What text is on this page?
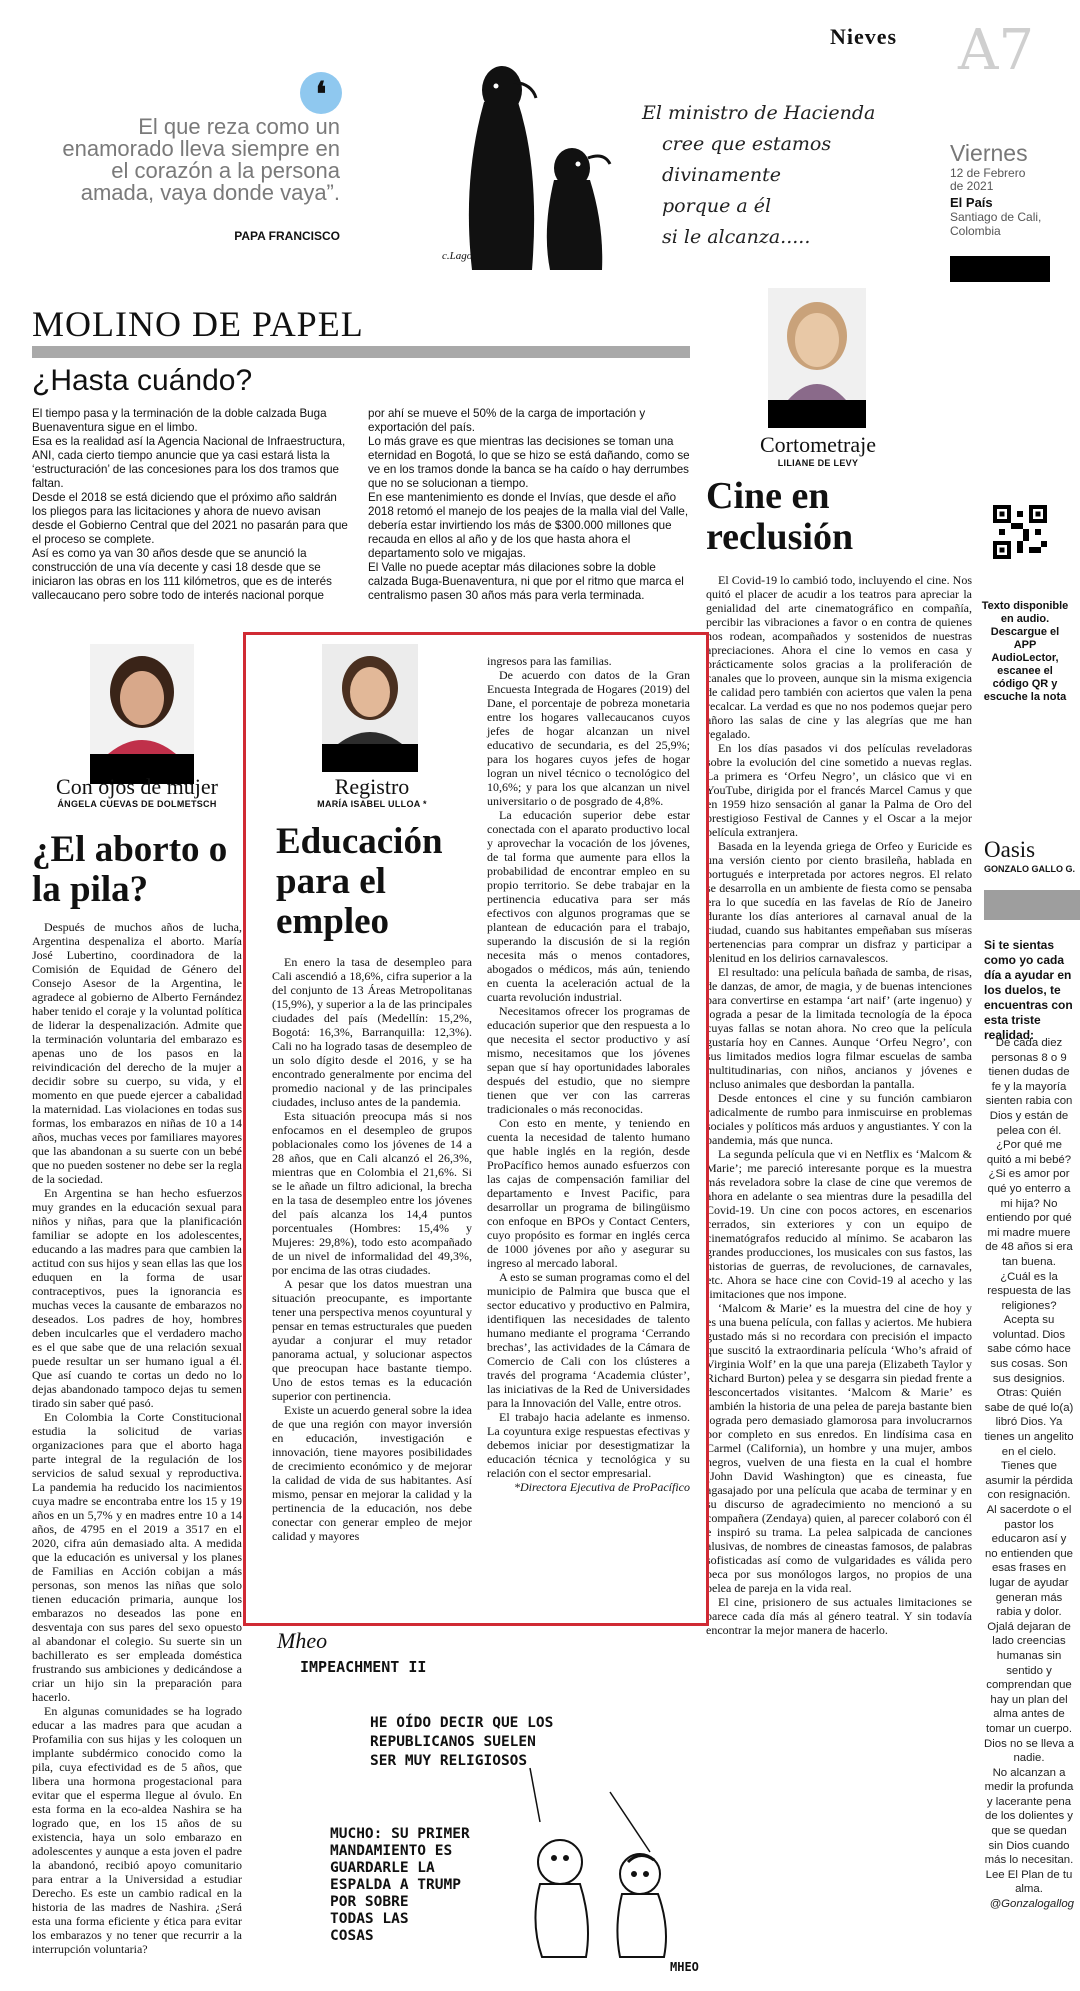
Nieves A7
❛
El que reza como un enamorado lleva siempre en el corazón a la persona amada, vaya donde vaya”.
PAPA FRANCISCO
El ministro de Hacienda
cree que estamos
divinamente
porque a él
si le alcanza.....
c.Lago
Viernes
12 de Febrero
de 2021
El País
Santiago de Cali, Colombia
MOLINO DE PAPEL
¿Hasta cuándo?

El tiempo pasa y la terminación de la doble calzada Buga Buenaventura sigue en el limbo.

Esa es la realidad así la Agencia Nacional de Infraestructura, ANI, cada cierto tiempo anuncie que ya casi estará lista la ‘estructuración’ de las concesiones para los dos tramos que faltan.

Desde el 2018 se está diciendo que el próximo año saldrán los pliegos para las licitaciones y ahora de nuevo avisan desde el Gobierno Central que del 2021 no pasarán para que el proceso se complete.

Así es como ya van 30 años desde que se anunció la construcción de una vía decente y casi 18 desde que se iniciaron las obras en los 111 kilómetros, que es de interés vallecaucano pero sobre todo de interés nacional porque

por ahí se mueve el 50% de la carga de importación y exportación del país.

Lo más grave es que mientras las decisiones se toman una eternidad en Bogotá, lo que se hizo se está dañando, como se ve en los tramos donde la banca se ha caído o hay derrumbes que no se solucionan a tiempo.

En ese mantenimiento es donde el Invías, que desde el año 2018 retomó el manejo de los peajes de la malla vial del Valle, debería estar invirtiendo los más de $300.000 millones que recauda en ellos al año y de los que hasta ahora el departamento solo ve migajas.

El Valle no puede aceptar más dilaciones sobre la doble calzada Buga-Buenaventura, ni que por el ritmo que marca el centralismo pasen 30 años más para verla terminada.

Cortometraje
LILIANE DE LEVY
Cine en reclusión

El Covid-19 lo cambió todo, incluyendo el cine. Nos quitó el placer de acudir a los teatros para apreciar la genialidad del arte cinematográfico en compañía, percibir las vibraciones a favor o en contra de quienes nos rodean, acompañados y sostenidos de nuestras apreciaciones. Ahora el cine lo vemos en casa y prácticamente solos gracias a la proliferación de canales que lo proveen, aunque sin la misma exigencia de calidad pero también con aciertos que valen la pena recalcar. La verdad es que no nos podemos quejar pero añoro las salas de cine y las alegrías que me han regalado.

En los días pasados vi dos películas reveladoras sobre la evolución del cine sometido a nuevas reglas. La primera es ‘Orfeu Negro’, un clásico que vi en YouTube, dirigida por el francés Marcel Camus y que en 1959 hizo sensación al ganar la Palma de Oro del prestigioso Festival de Cannes y el Oscar a la mejor película extranjera.

Basada en la leyenda griega de Orfeo y Euricide es una versión ciento por ciento brasileña, hablada en portugués e interpretada por actores negros. El relato se desarrolla en un ambiente de fiesta como se pensaba era lo que sucedía en las favelas de Río de Janeiro durante los días anteriores al carnaval anual de la ciudad, cuando sus habitantes empeñaban sus míseras pertenencias para comprar un disfraz y participar a plenitud en los delirios carnavalescos.

El resultado: una película bañada de samba, de risas, de danzas, de amor, de magia, y de buenas intenciones para convertirse en estampa ‘art naif’ (arte ingenuo) y lograda a pesar de la limitada tecnología de la época cuyas fallas se notan ahora. No creo que la película gustaría hoy en Cannes. Aunque ‘Orfeu Negro’, con sus limitados medios logra filmar escuelas de samba multitudinarias, con niños, ancianos y jóvenes e incluso animales que desbordan la pantalla.

Desde entonces el cine y su función cambiaron radicalmente de rumbo para inmiscuirse en problemas sociales y políticos más arduos y angustiantes. Y con la pandemia, más que nunca.

La segunda película que vi en Netflix es ‘Malcom & Marie’; me pareció interesante porque es la muestra más reveladora sobre la clase de cine que veremos de ahora en adelante o sea mientras dure la pesadilla del Covid-19. Un cine con pocos actores, en escenarios cerrados, sin exteriores y con un equipo de cinematógrafos reducido al mínimo. Se acabaron las grandes producciones, los musicales con sus fastos, las historias de guerras, de revoluciones, de carnavales, etc. Ahora se hace cine con Covid-19 al acecho y las limitaciones que nos impone.

‘Malcom & Marie’ es la muestra del cine de hoy y es una buena película, con fallas y aciertos. Me hubiera gustado más si no recordara con precisión el impacto que suscitó la extraordinaria película ‘Who’s afraid of Virginia Wolf’ en la que una pareja (Elizabeth Taylor y Richard Burton) pelea y se desgarra sin piedad frente a desconcertados visitantes. ‘Malcom & Marie’ es también la historia de una pelea de pareja bastante bien lograda pero demasiado glamorosa para involucrarnos por completo en sus enredos. En lindísima casa en Carmel (California), un hombre y una mujer, ambos negros, vuelven de una fiesta en la cual el hombre (John David Washington) que es cineasta, fue agasajado por una película que acaba de terminar y en su discurso de agradecimiento no mencionó a su compañera (Zendaya) quien, al parecer colaboró con él e inspiró su trama. La pelea salpicada de canciones alusivas, de nombres de cineastas famosos, de palabras sofisticadas así como de vulgaridades es válida pero peca por sus monólogos largos, no propios de una pelea de pareja en la vida real.

El cine, prisionero de sus actuales limitaciones se parece cada día más al género teatral. Y sin todavía encontrar la mejor manera de hacerlo.

Texto disponible en audio. Descargue el APP AudioLector, escanee el código QR y escuche la nota
Oasis
GONZALO GALLO G.
Si te sientas como yo cada día a ayudar en los duelos, te encuentras con esta triste realidad:

De cada diez personas 8 o 9 tienen dudas de fe y la mayoría sienten rabia con Dios y están de pelea con él.

¿Por qué me quitó a mi bebé? ¿Si es amor por qué yo enterro a mi hija? No entiendo por qué mi madre muere de 48 años si era tan buena.

¿Cuál es la respuesta de las religiones? Acepta su voluntad. Dios sabe cómo hace sus cosas. Son sus designios.

Otras: Quién sabe de qué lo(a) libró Dios. Ya tienes un angelito en el cielo. Tienes que asumir la pérdida con resignación.

Al sacerdote o el pastor los educaron así y no entienden que esas frases en lugar de ayudar generan más rabia y dolor.

Ojalá dejaran de lado creencias humanas sin sentido y comprendan que hay un plan del alma antes de tomar un cuerpo. Dios no se lleva a nadie.

No alcanzan a medir la profunda y lacerante pena de los dolientes y que se quedan sin Dios cuando más lo necesitan. Lee El Plan de tu alma.

@Gonzalogallog

Con ojos de mujer
ÁNGELA CUEVAS DE DOLMETSCH
¿El aborto o la pila?

Después de muchos años de lucha, Argentina despenaliza el aborto. María José Lubertino, coordinadora de la Comisión de Equidad de Género del Consejo Asesor de la Argentina, le agradece al gobierno de Alberto Fernández haber tenido el coraje y la voluntad política de liderar la despenalización. Admite que la terminación voluntaria del embarazo es apenas uno de los pasos en la reivindicación del derecho de la mujer a decidir sobre su cuerpo, su vida, y el momento en que puede ejercer a cabalidad la maternidad. Las violaciones en todas sus formas, los embarazos en niñas de 10 a 14 años, muchas veces por familiares mayores que las abandonan a su suerte con un bebé que no pueden sostener no debe ser la regla de la sociedad.

En Argentina se han hecho esfuerzos muy grandes en la educación sexual para niños y niñas, para que la planificación familiar se adopte en los adolescentes, educando a las madres para que cambien la actitud con sus hijos y sean ellas las que los eduquen en la forma de usar contraceptivos, pues la ignorancia es muchas veces la causante de embarazos no deseados. Los padres de hoy, hombres deben inculcarles que el verdadero macho es el que sabe que de una relación sexual puede resultar un ser humano igual a él. Que así cuando te cortas un dedo no lo dejas abandonado tampoco dejas tu semen tirado sin saber qué pasó.

En Colombia la Corte Constitucional estudia la solicitud de varias organizaciones para que el aborto haga parte integral de la regulación de los servicios de salud sexual y reproductiva. La pandemia ha reducido los nacimientos cuya madre se encontraba entre los 15 y 19 años en un 5,7% y en madres entre 10 a 14 años, de 4795 en el 2019 a 3517 en el 2020, cifra aún demasiado alta. A medida que la educación es universal y los planes de Familias en Acción cobijan a más personas, son menos las niñas que solo tienen educación primaria, aunque los embarazos no deseados las pone en desventaja con sus pares del sexo opuesto al abandonar el colegio. Su suerte sin un bachillerato es ser empleada doméstica frustrando sus ambiciones y dedicándose a criar un hijo sin la preparación para hacerlo.

En algunas comunidades se ha logrado educar a las madres para que acudan a Profamilia con sus hijas y les coloquen un implante subdérmico conocido como la pila, cuya efectividad es de 5 años, que libera una hormona progestacional para evitar que el esperma llegue al óvulo. En esta forma en la eco-aldea Nashira se ha logrado que, en los 15 años de su existencia, haya un solo embarazo en adolescentes y aunque a esta joven el padre la abandonó, recibió apoyo comunitario para entrar a la Universidad a estudiar Derecho. Es este un cambio radical en la historia de las madres de Nashira. ¿Será esta una forma eficiente y ética para evitar los embarazos y no tener que recurrir a la interrupción voluntaria?

Registro
MARÍA ISABEL ULLOA *
Educación para el empleo

En enero la tasa de desempleo para Cali ascendió a 18,6%, cifra superior a la del conjunto de 13 Áreas Metropolitanas (15,9%), y superior a la de las principales ciudades del país (Medellín: 15,2%, Bogotá: 16,3%, Barranquilla: 12,3%). Cali no ha logrado tasas de desempleo de un solo dígito desde el 2016, y se ha encontrado generalmente por encima del promedio nacional y de las principales ciudades, incluso antes de la pandemia.

Esta situación preocupa más si nos enfocamos en el desempleo de grupos poblacionales como los jóvenes de 14 a 28 años, que en Cali alcanzó el 26,3%, mientras que en Colombia el 21,6%. Si se le añade un filtro adicional, la brecha en la tasa de desempleo entre los jóvenes del país alcanza los 14,4 puntos porcentuales (Hombres: 15,4% y Mujeres: 29,8%), todo esto acompañado de un nivel de informalidad del 49,3%, por encima de las otras ciudades.

A pesar que los datos muestran una situación preocupante, es importante tener una perspectiva menos coyuntural y pensar en temas estructurales que pueden ayudar a conjurar el muy retador panorama actual, y solucionar aspectos que preocupan hace bastante tiempo. Uno de estos temas es la educación superior con pertinencia.

Existe un acuerdo general sobre la idea de que una región con mayor inversión en educación, investigación e innovación, tiene mayores posibilidades de crecimiento económico y de mejorar la calidad de vida de sus habitantes. Así mismo, pensar en mejorar la calidad y la pertinencia de la educación, nos debe conectar con generar empleo de mejor calidad y mayores

ingresos para las familias.

De acuerdo con datos de la Gran Encuesta Integrada de Hogares (2019) del Dane, el porcentaje de pobreza monetaria entre los hogares vallecaucanos cuyos jefes de hogar alcanzan un nivel educativo de secundaria, es del 25,9%; para los hogares cuyos jefes de hogar logran un nivel técnico o tecnológico del 10,6%; y para los que alcanzan un nivel universitario o de posgrado de 4,8%.

La educación superior debe estar conectada con el aparato productivo local y aprovechar la vocación de los jóvenes, de tal forma que aumente para ellos la probabilidad de encontrar empleo en su propio territorio. Se debe trabajar en la pertinencia educativa para ser más efectivos con algunos programas que se plantean de educación para el trabajo, superando la discusión de si la región necesita más o menos contadores, abogados o médicos, más aún, teniendo en cuenta la aceleración actual de la cuarta revolución industrial.

Necesitamos ofrecer los programas de educación superior que den respuesta a lo que necesita el sector productivo y así mismo, necesitamos que los jóvenes sepan que sí hay oportunidades laborales después del estudio, que no siempre tienen que ver con las carreras tradicionales o más reconocidas.

Con esto en mente, y teniendo en cuenta la necesidad de talento humano que hable inglés en la región, desde ProPacífico hemos aunado esfuerzos con las cajas de compensación familiar del departamento e Invest Pacific, para desarrollar un programa de bilingüismo con enfoque en BPOs y Contact Centers, cuyo propósito es formar en inglés cerca de 1000 jóvenes por año y asegurar su ingreso al mercado laboral.

A esto se suman programas como el del municipio de Palmira que busca que el sector educativo y productivo en Palmira, identifiquen las necesidades de talento humano mediante el programa ‘Cerrando brechas’, las actividades de la Cámara de Comercio de Cali con los clústeres a través del programa ‘Academia clúster’, las iniciativas de la Red de Universidades para la Innovación del Valle, entre otros.

El trabajo hacia adelante es inmenso. La coyuntura exige respuestas efectivas y debemos iniciar por desestigmatizar la educación técnica y tecnológica y su relación con el sector empresarial.

*Directora Ejecutiva de ProPacífico

Mheo
IMPEACHMENT II
HE OÍDO DECIR QUE LOS
REPUBLICANOS SUELEN
SER MUY RELIGIOSOS
MUCHO: SU PRIMER
MANDAMIENTO ES
GUARDARLE LA
ESPALDA A TRUMP
POR SOBRE
TODAS LAS
COSAS
MHEO
